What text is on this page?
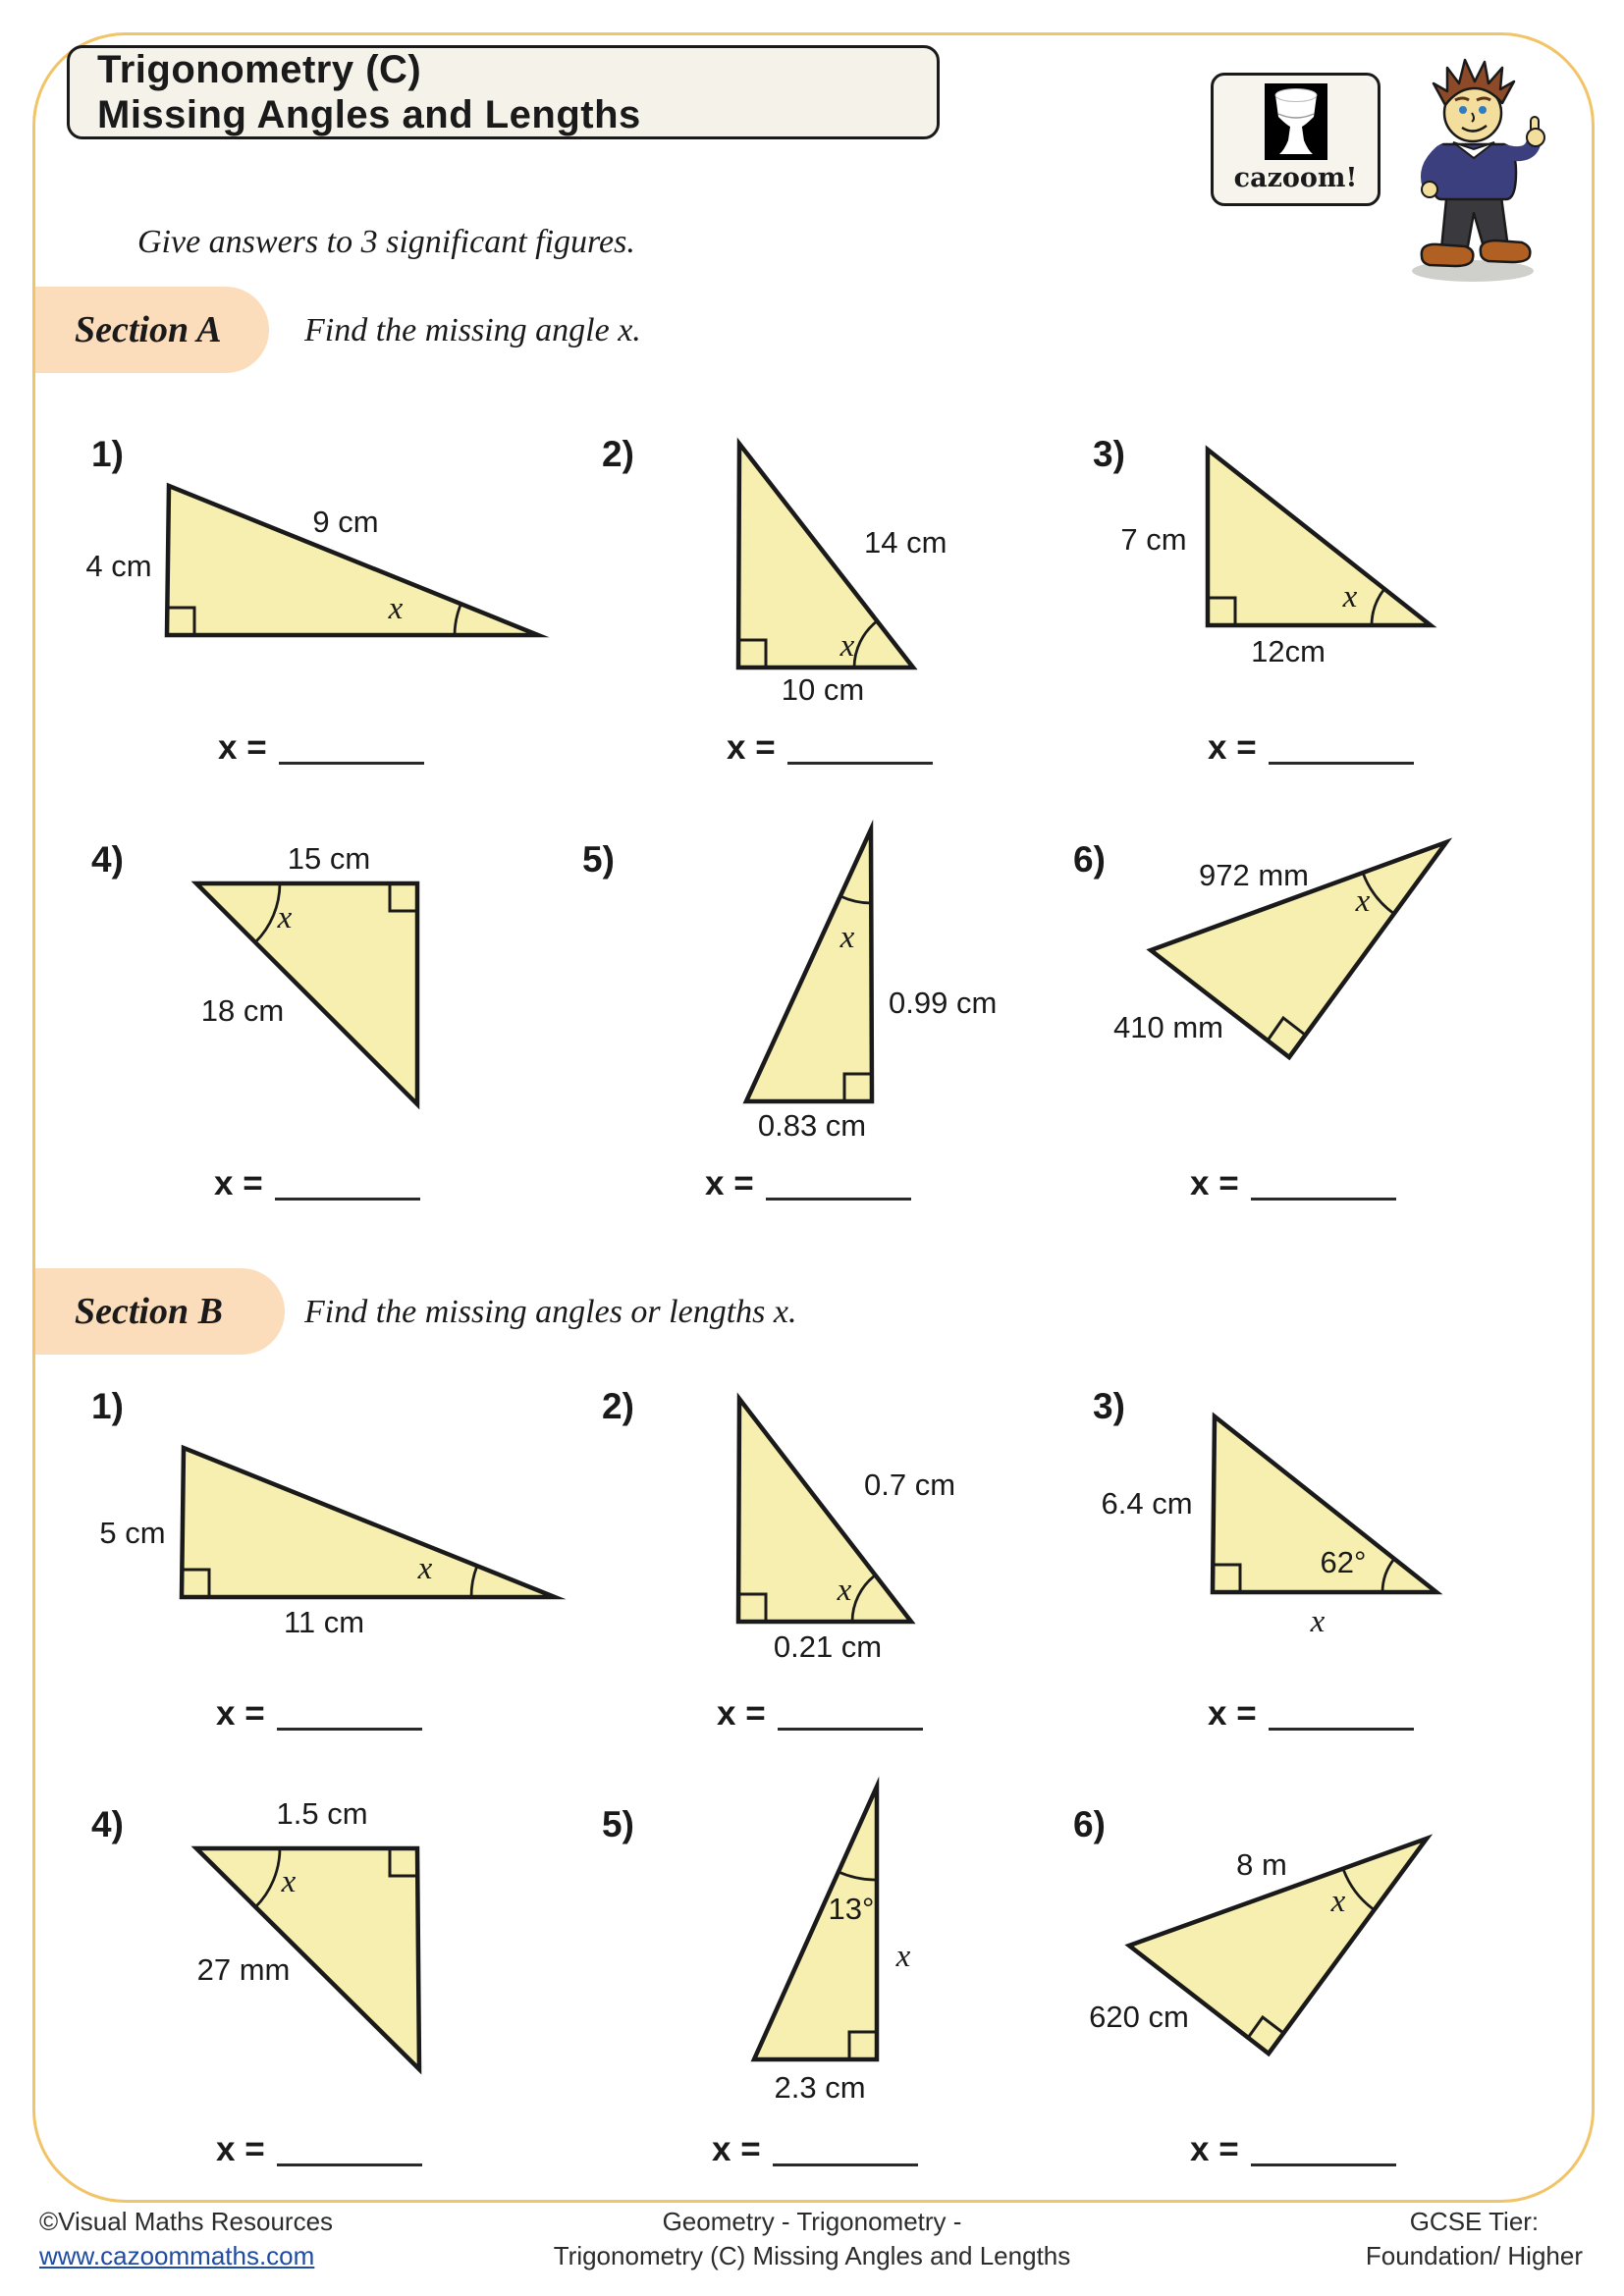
Trigonometry (C)
Missing Angles and Lengths
cazoom!
Give answers to 3 significant figures.
Section A Find the missing angle x.
1)
4 cm
9 cm
x
x =
2)
14 cm
10 cm
x
x =
3)
7 cm
12cm
x
x =
4)	15 cm
18 cm
x
x =
5)
0.99 cm
0.83 cm
x
x =
6)	972 mm
410 mm
x
x =
Section B Find the missing angles or lengths x.
1)
5 cm
11 cm
x
x =
2)
0.7 cm
0.21 cm
x
x =
3)
6.4 cm
62°
x
x =
4)	1.5 cm
27 mm
x
x =
5)
13°
x
2.3 cm
x =
6)
8 m
620 cm
x
x =
©Visual Maths Resources
www.cazoommaths.com
Geometry - Trigonometry -
Trigonometry (C) Missing Angles and Lengths
GCSE Tier:
Foundation/ Higher
